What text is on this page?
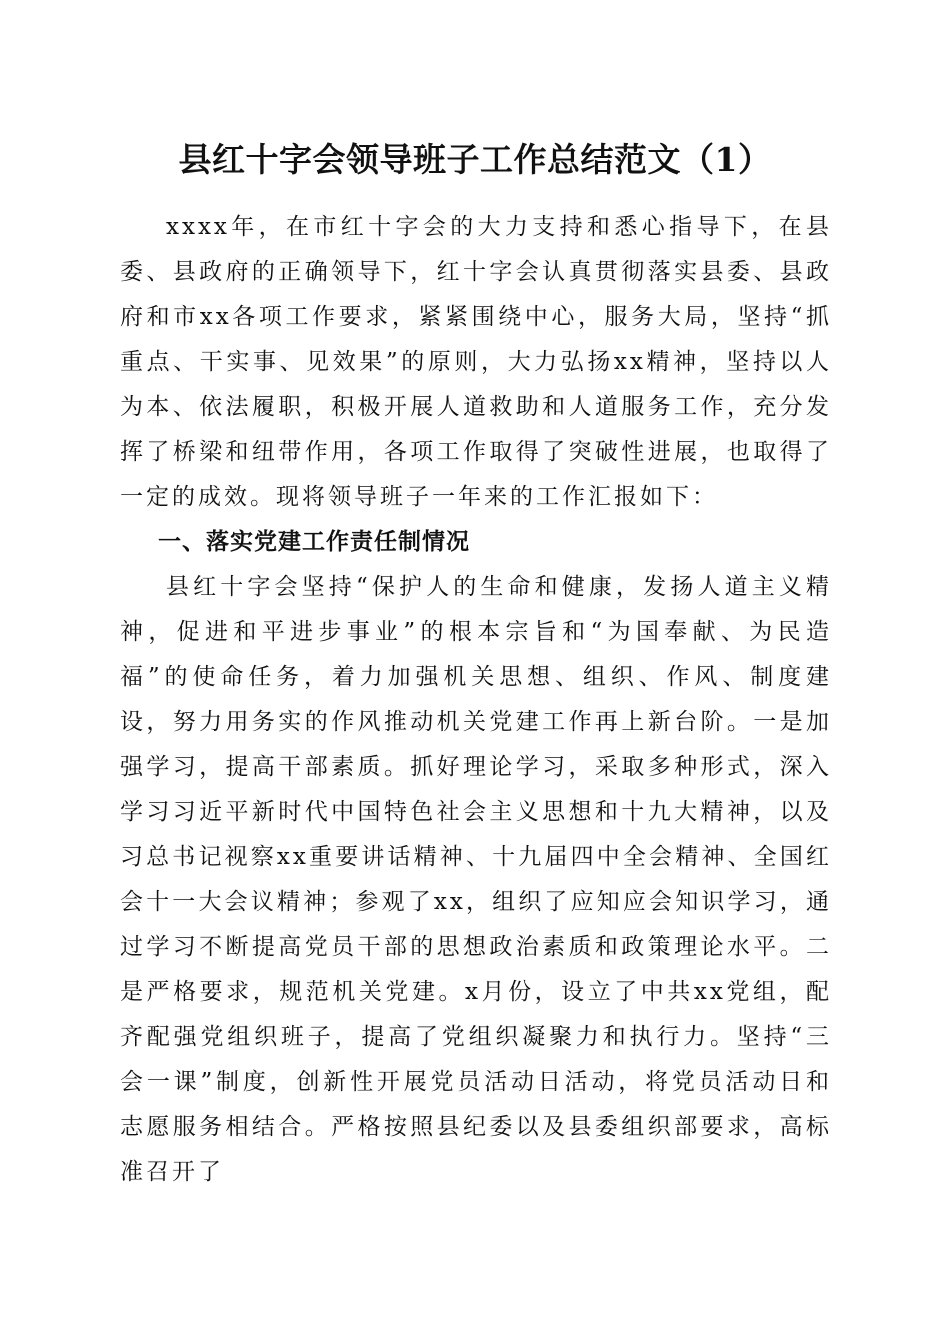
县红十字会领导班子工作总结范文（1）

xxxx年，在市红十字会的大力支持和悉心指导下，在县委、县政府的正确领导下，红十字会认真贯彻落实县委、县政府和市xx各项工作要求，紧紧围绕中心，服务大局，坚持“抓重点、干实事、见效果”的原则，大力弘扬xx精神，坚持以人为本、依法履职，积极开展人道救助和人道服务工作，充分发挥了桥梁和纽带作用，各项工作取得了突破性进展，也取得了一定的成效。现将领导班子一年来的工作汇报如下：

一、落实党建工作责任制情况

县红十字会坚持“保护人的生命和健康，发扬人道主义精神，促进和平进步事业”的根本宗旨和“为国奉献、为民造福”的使命任务，着力加强机关思想、组织、作风、制度建设，努力用务实的作风推动机关党建工作再上新台阶。一是加强学习，提高干部素质。抓好理论学习，采取多种形式，深入学习习近平新时代中国特色社会主义思想和十九大精神，以及习总书记视察xx重要讲话精神、十九届四中全会精神、全国红会十一大会议精神；参观了xx，组织了应知应会知识学习，通过学习不断提高党员干部的思想政治素质和政策理论水平。二是严格要求，规范机关党建。x月份，设立了中共xx党组，配齐配强党组织班子，提高了党组织凝聚力和执行力。坚持“三会一课”制度，创新性开展党员活动日活动，将党员活动日和志愿服务相结合。严格按照县纪委以及县委组织部要求，高标准召开了
